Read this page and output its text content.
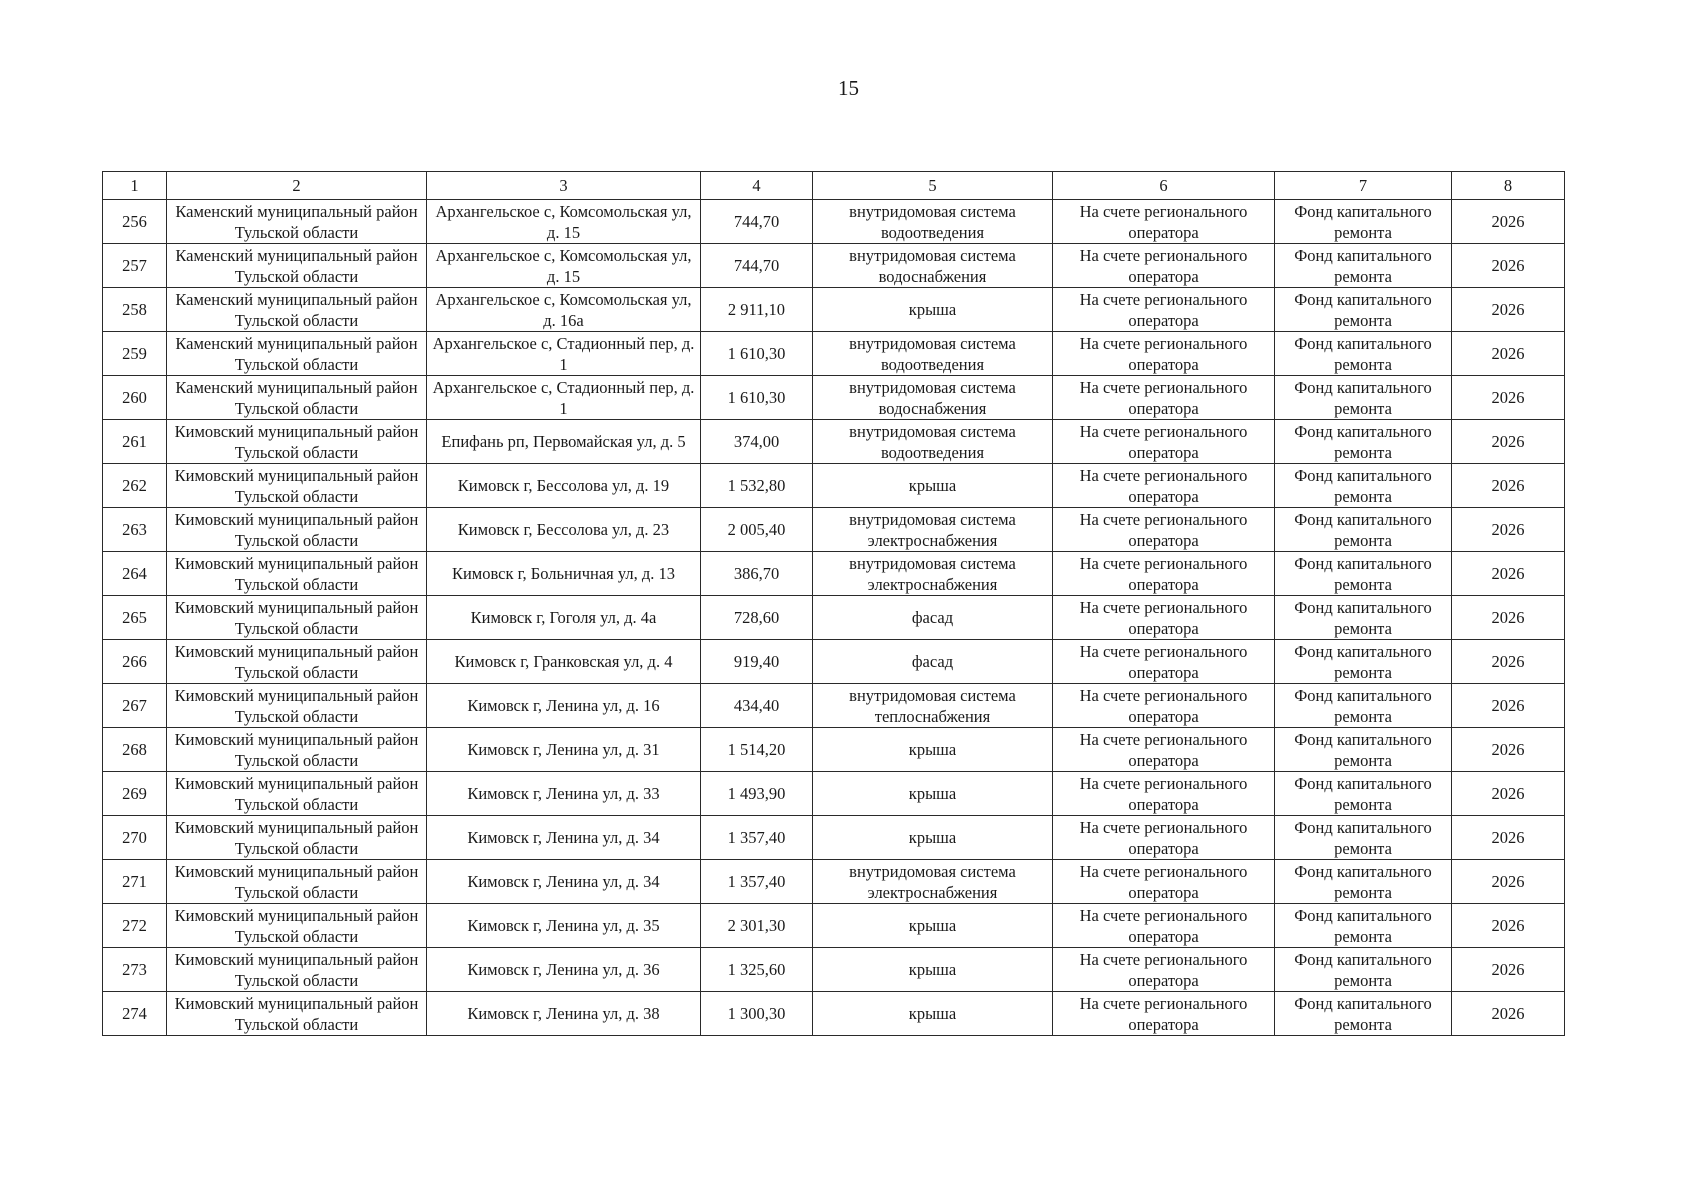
15
1	2	3	4	5	6	7	8
256	Каменский муниципальный район Тульской области	Архангельское с, Комсомольская ул, д. 15	744,70	внутридомовая система водоотведения	На счете регионального оператора	Фонд капитального ремонта	2026
257	Каменский муниципальный район Тульской области	Архангельское с, Комсомольская ул, д. 15	744,70	внутридомовая система водоснабжения	На счете регионального оператора	Фонд капитального ремонта	2026
258	Каменский муниципальный район Тульской области	Архангельское с, Комсомольская ул, д. 16а	2 911,10	крыша	На счете регионального оператора	Фонд капитального ремонта	2026
259	Каменский муниципальный район Тульской области	Архангельское с, Стадионный пер, д. 1	1 610,30	внутридомовая система водоотведения	На счете регионального оператора	Фонд капитального ремонта	2026
260	Каменский муниципальный район Тульской области	Архангельское с, Стадионный пер, д. 1	1 610,30	внутридомовая система водоснабжения	На счете регионального оператора	Фонд капитального ремонта	2026
261	Кимовский муниципальный район Тульской области	Епифань рп, Первомайская ул, д. 5	374,00	внутридомовая система водоотведения	На счете регионального оператора	Фонд капитального ремонта	2026
262	Кимовский муниципальный район Тульской области	Кимовск г, Бессолова ул, д. 19	1 532,80	крыша	На счете регионального оператора	Фонд капитального ремонта	2026
263	Кимовский муниципальный район Тульской области	Кимовск г, Бессолова ул, д. 23	2 005,40	внутридомовая система электроснабжения	На счете регионального оператора	Фонд капитального ремонта	2026
264	Кимовский муниципальный район Тульской области	Кимовск г, Больничная ул, д. 13	386,70	внутридомовая система электроснабжения	На счете регионального оператора	Фонд капитального ремонта	2026
265	Кимовский муниципальный район Тульской области	Кимовск г, Гоголя ул, д. 4а	728,60	фасад	На счете регионального оператора	Фонд капитального ремонта	2026
266	Кимовский муниципальный район Тульской области	Кимовск г, Гранковская ул, д. 4	919,40	фасад	На счете регионального оператора	Фонд капитального ремонта	2026
267	Кимовский муниципальный район Тульской области	Кимовск г, Ленина ул, д. 16	434,40	внутридомовая система теплоснабжения	На счете регионального оператора	Фонд капитального ремонта	2026
268	Кимовский муниципальный район Тульской области	Кимовск г, Ленина ул, д. 31	1 514,20	крыша	На счете регионального оператора	Фонд капитального ремонта	2026
269	Кимовский муниципальный район Тульской области	Кимовск г, Ленина ул, д. 33	1 493,90	крыша	На счете регионального оператора	Фонд капитального ремонта	2026
270	Кимовский муниципальный район Тульской области	Кимовск г, Ленина ул, д. 34	1 357,40	крыша	На счете регионального оператора	Фонд капитального ремонта	2026
271	Кимовский муниципальный район Тульской области	Кимовск г, Ленина ул, д. 34	1 357,40	внутридомовая система электроснабжения	На счете регионального оператора	Фонд капитального ремонта	2026
272	Кимовский муниципальный район Тульской области	Кимовск г, Ленина ул, д. 35	2 301,30	крыша	На счете регионального оператора	Фонд капитального ремонта	2026
273	Кимовский муниципальный район Тульской области	Кимовск г, Ленина ул, д. 36	1 325,60	крыша	На счете регионального оператора	Фонд капитального ремонта	2026
274	Кимовский муниципальный район Тульской области	Кимовск г, Ленина ул, д. 38	1 300,30	крыша	На счете регионального оператора	Фонд капитального ремонта	2026
